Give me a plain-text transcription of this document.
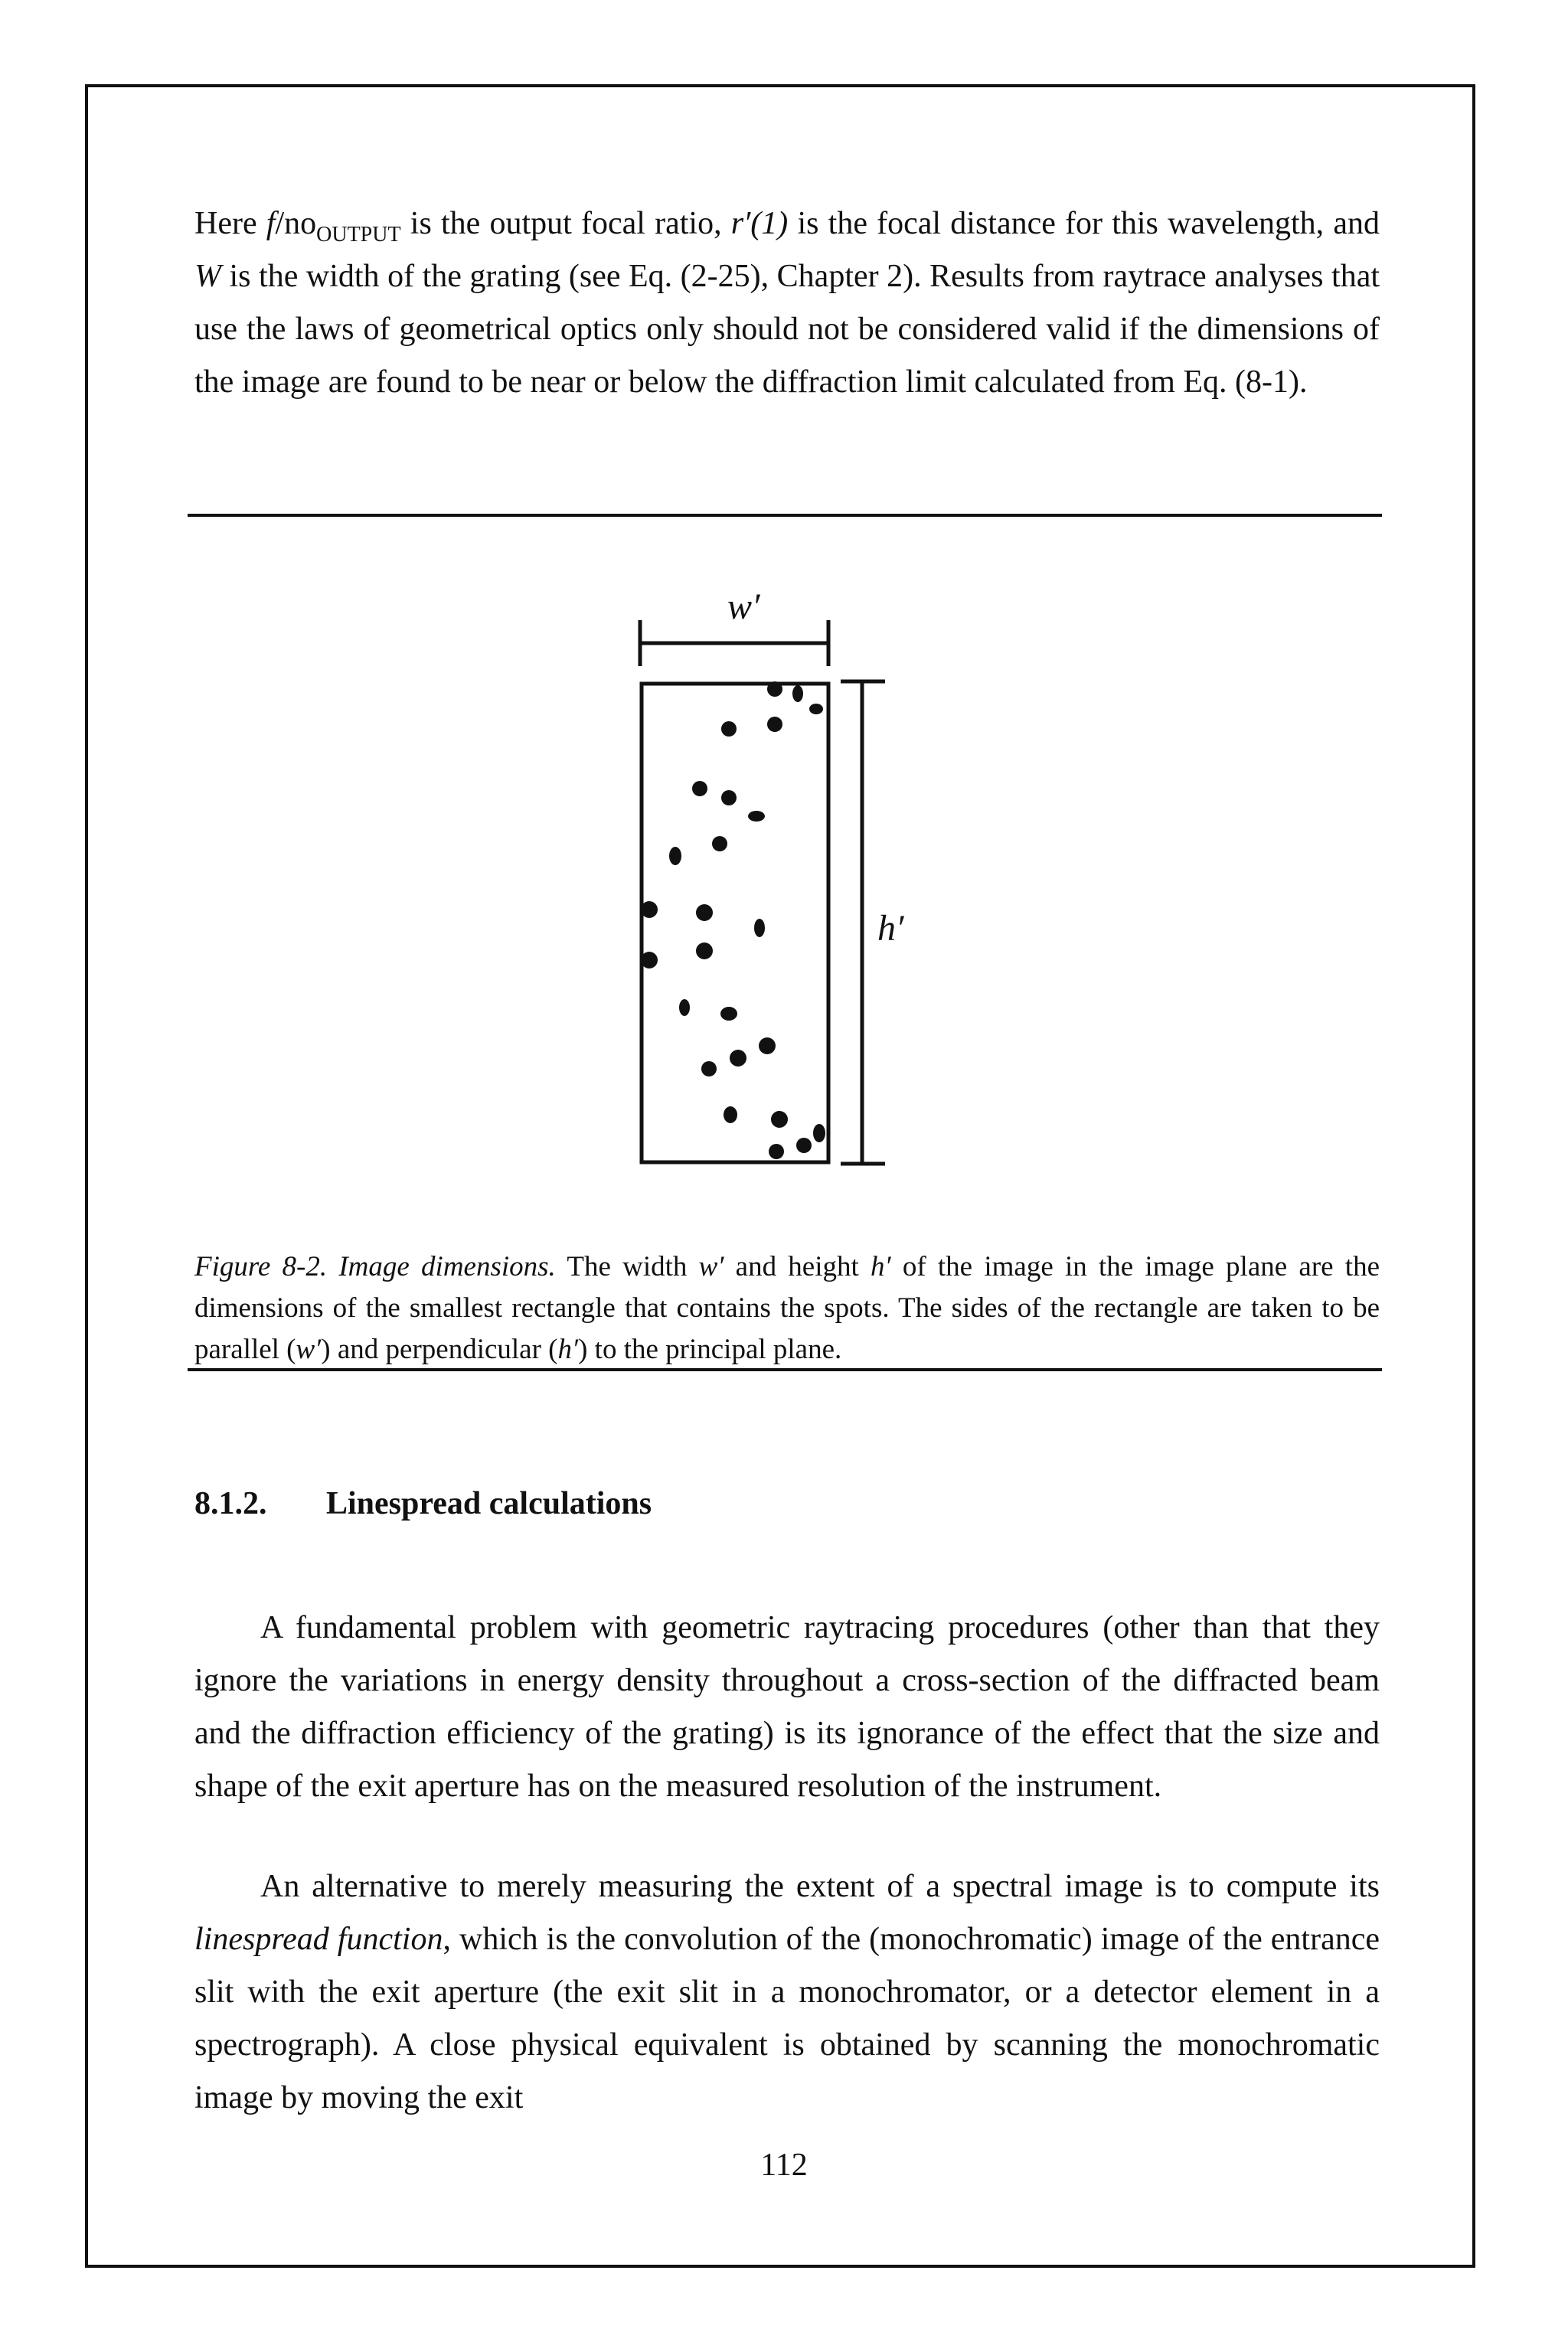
Here $f/no_{OUTPUT}$ is the output focal ratio, r′(1) is the focal distance for this wavelength, and W is the width of the grating (see Eq. (2-25), Chapter 2). Results from raytrace analyses that use the laws of geometrical optics only should not be considered valid if the dimensions of the image are found to be near or below the diffraction limit calculated from Eq. (8-1).
w′
h′
Figure 8-2. Image dimensions. The width w′ and height h′ of the image in the image plane are the dimensions of the smallest rectangle that contains the spots. The sides of the rectangle are taken to be parallel (w′) and perpendicular (h′) to the principal plane.
8.1.2. Linespread calculations
A fundamental problem with geometric raytracing procedures (other than that they ignore the variations in energy density throughout a cross-section of the diffracted beam and the diffraction efficiency of the grating) is its ignorance of the effect that the size and shape of the exit aperture has on the measured resolution of the instrument.
An alternative to merely measuring the extent of a spectral image is to compute its linespread function, which is the convolution of the (monochromatic) image of the entrance slit with the exit aperture (the exit slit in a monochromator, or a detector element in a spectrograph). A close physical equivalent is obtained by scanning the monochromatic image by moving the exit
112
